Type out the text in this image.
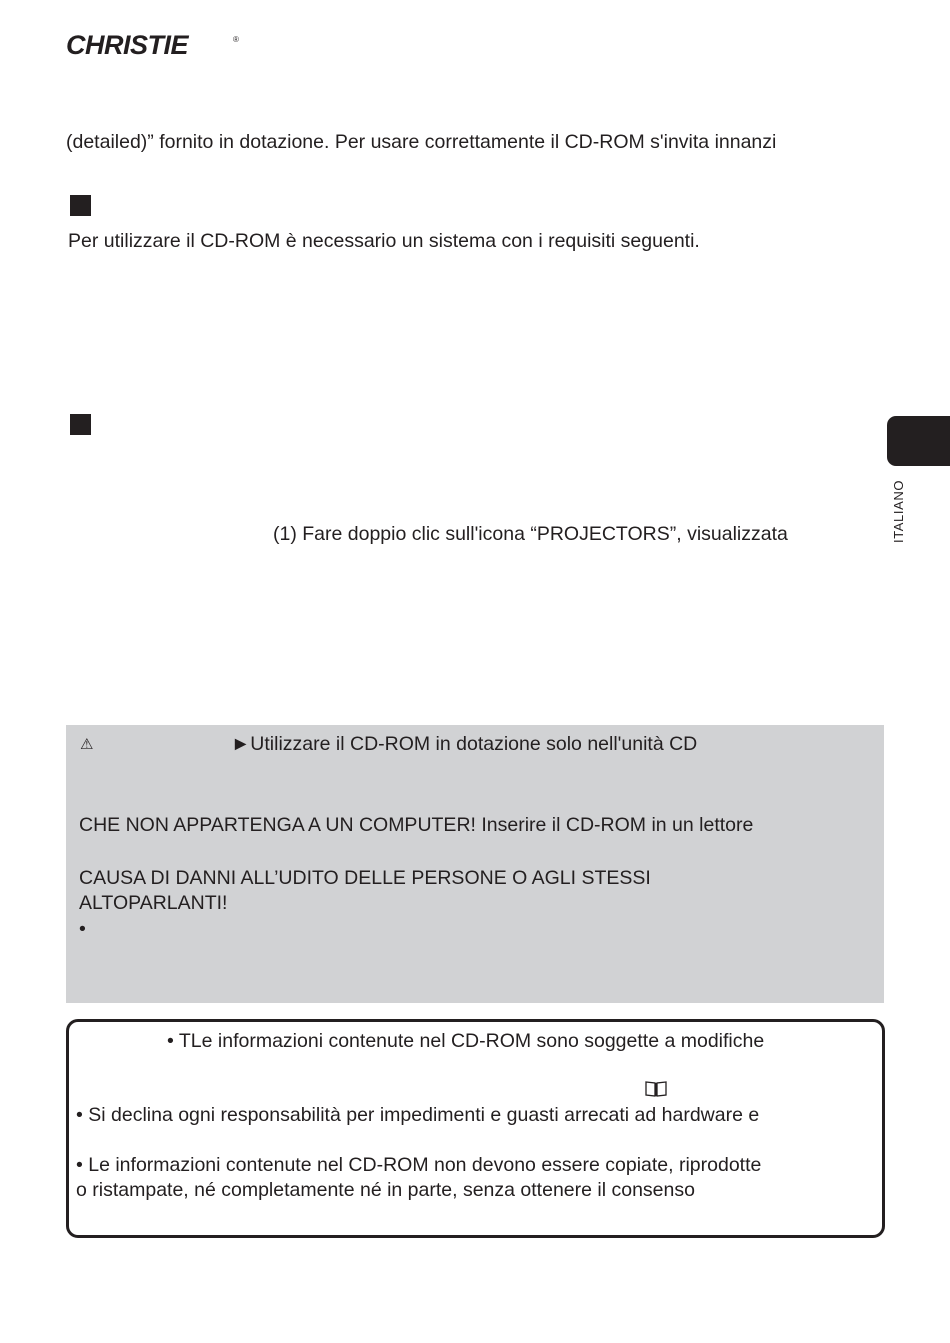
CHRISTIE	®
(detailed)” fornito in dotazione. Per usare correttamente il CD-ROM s'invita innanzi
Per utilizzare il CD-ROM è necessario un sistema con i requisiti seguenti.
(1) Fare doppio clic sull'icona “PROJECTORS”, visualizzata	ITALIANO
⚠	►Utilizzare il CD-ROM in dotazione solo nell'unità CD
CHE NON APPARTENGA A UN COMPUTER! Inserire il CD-ROM in un lettore
CAUSA DI DANNI ALL’UDITO DELLE PERSONE O AGLI STESSI
ALTOPARLANTI!
•
• TLe informazioni contenute nel CD-ROM sono soggette a modifiche
• Si declina ogni responsabilità per impedimenti e guasti arrecati ad hardware e
• Le informazioni contenute nel CD-ROM non devono essere copiate, riprodotte
o ristampate, né completamente né in parte, senza ottenere il consenso
